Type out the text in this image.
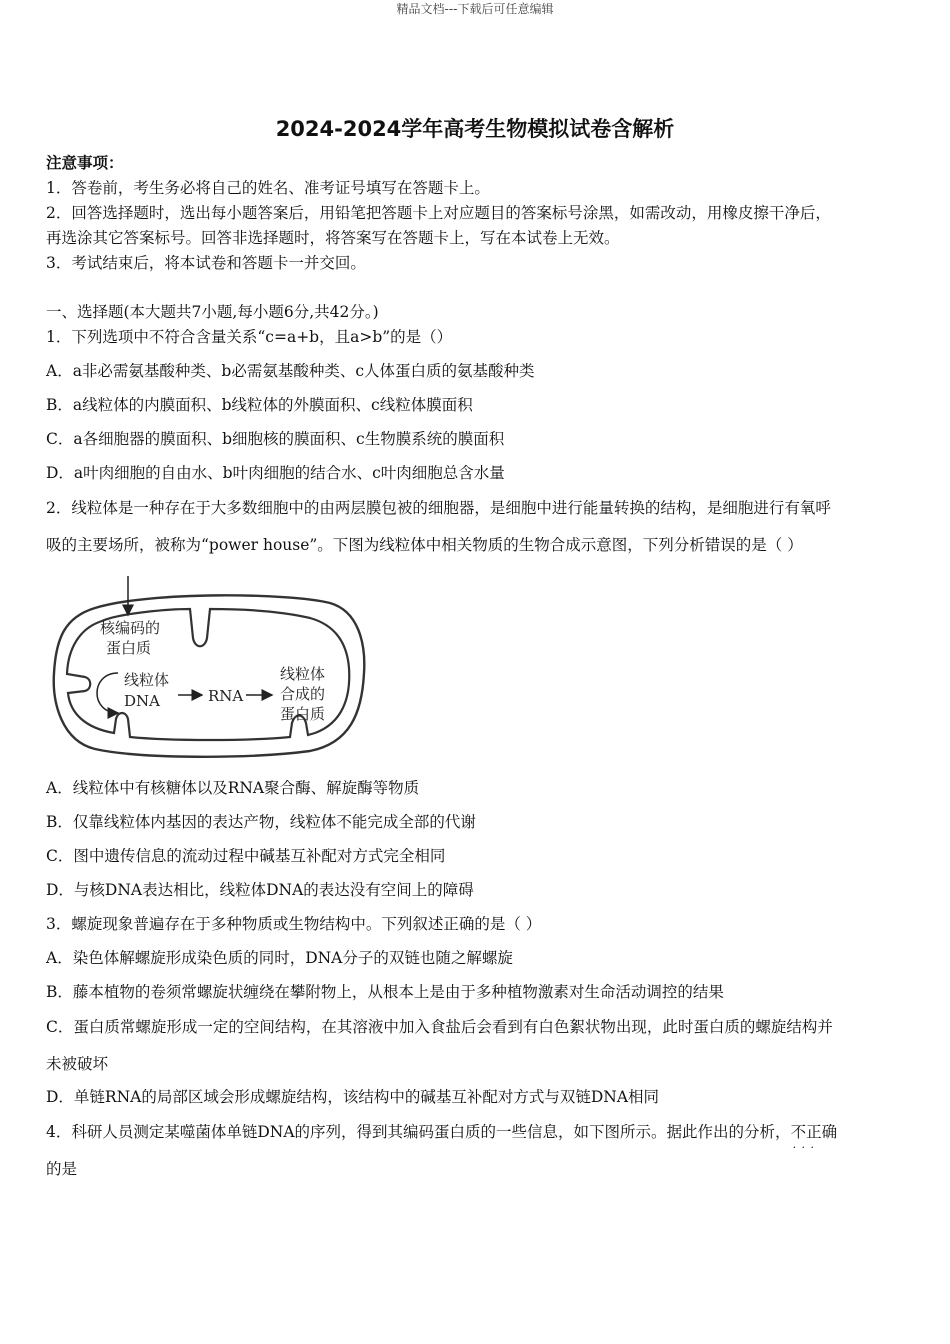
精品文档---下载后可任意编辑
2024-2024学年高考生物模拟试卷含解析
注意事项：
1．答卷前，考生务必将自己的姓名、准考证号填写在答题卡上。
2．回答选择题时，选出每小题答案后，用铅笔把答题卡上对应题目的答案标号涂黑，如需改动，用橡皮擦干净后，
再选涂其它答案标号。回答非选择题时，将答案写在答题卡上，写在本试卷上无效。
3．考试结束后，将本试卷和答题卡一并交回。
一、选择题(本大题共7小题,每小题6分,共42分。)
1．下列选项中不符合含量关系“c=a+b，且a>b”的是（）
A．a非必需氨基酸种类、b必需氨基酸种类、c人体蛋白质的氨基酸种类
B．a线粒体的内膜面积、b线粒体的外膜面积、c线粒体膜面积
C．a各细胞器的膜面积、b细胞核的膜面积、c生物膜系统的膜面积
D．a叶肉细胞的自由水、b叶肉细胞的结合水、c叶肉细胞总含水量
2．线粒体是一种存在于大多数细胞中的由两层膜包被的细胞器，是细胞中进行能量转换的结构，是细胞进行有氧呼
吸的主要场所，被称为“power house”。下图为线粒体中相关物质的生物合成示意图，下列分析错误的是（ ）
核编码的
蛋白质
线粒体
DNA	RNA
线粒体
合成的
蛋白质
A．线粒体中有核糖体以及RNA聚合酶、解旋酶等物质
B．仅靠线粒体内基因的表达产物，线粒体不能完成全部的代谢
C．图中遗传信息的流动过程中碱基互补配对方式完全相同
D．与核DNA表达相比，线粒体DNA的表达没有空间上的障碍
3．螺旋现象普遍存在于多种物质或生物结构中。下列叙述正确的是（ ）
A．染色体解螺旋形成染色质的同时，DNA分子的双链也随之解螺旋
B．藤本植物的卷须常螺旋状缠绕在攀附物上，从根本上是由于多种植物激素对生命活动调控的结果
C．蛋白质常螺旋形成一定的空间结构，在其溶液中加入食盐后会看到有白色絮状物出现，此时蛋白质的螺旋结构并
未被破坏
D．单链RNA的局部区域会形成螺旋结构，该结构中的碱基互补配对方式与双链DNA相同
4．科研人员测定某噬菌体单链DNA的序列，得到其编码蛋白质的一些信息，如下图所示。据此作出的分析，不正确 · · ·
的是
